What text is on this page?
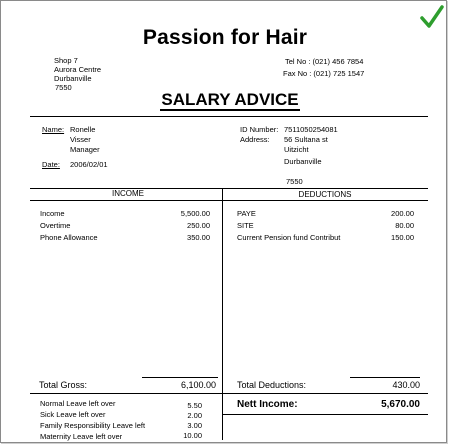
Passion for Hair
Shop 7
Aurora Centre
Durbanville
7550
Tel No : (021) 456 7854
Fax No : (021) 725 1547
SALARY ADVICE
Name: Ronelle
Visser
Manager
Date: 2006/02/01
ID Number: 7511050254081
Address: 56 Sultana st
Uitzicht
Durbanville
7550
INCOME	DEDUCTIONS
Income	5,500.00
Overtime	250.00
Phone Allowance	350.00
PAYE	200.00
SITE	80.00
Current Pension fund Contribut	150.00
Total Gross:	6,100.00 Total Deductions:	430.00
Normal Leave left over	5.50
Sick Leave left over	2.00
Family Responsibility Leave left	3.00
Maternity Leave left over	10.00
Nett Income:	5,670.00
